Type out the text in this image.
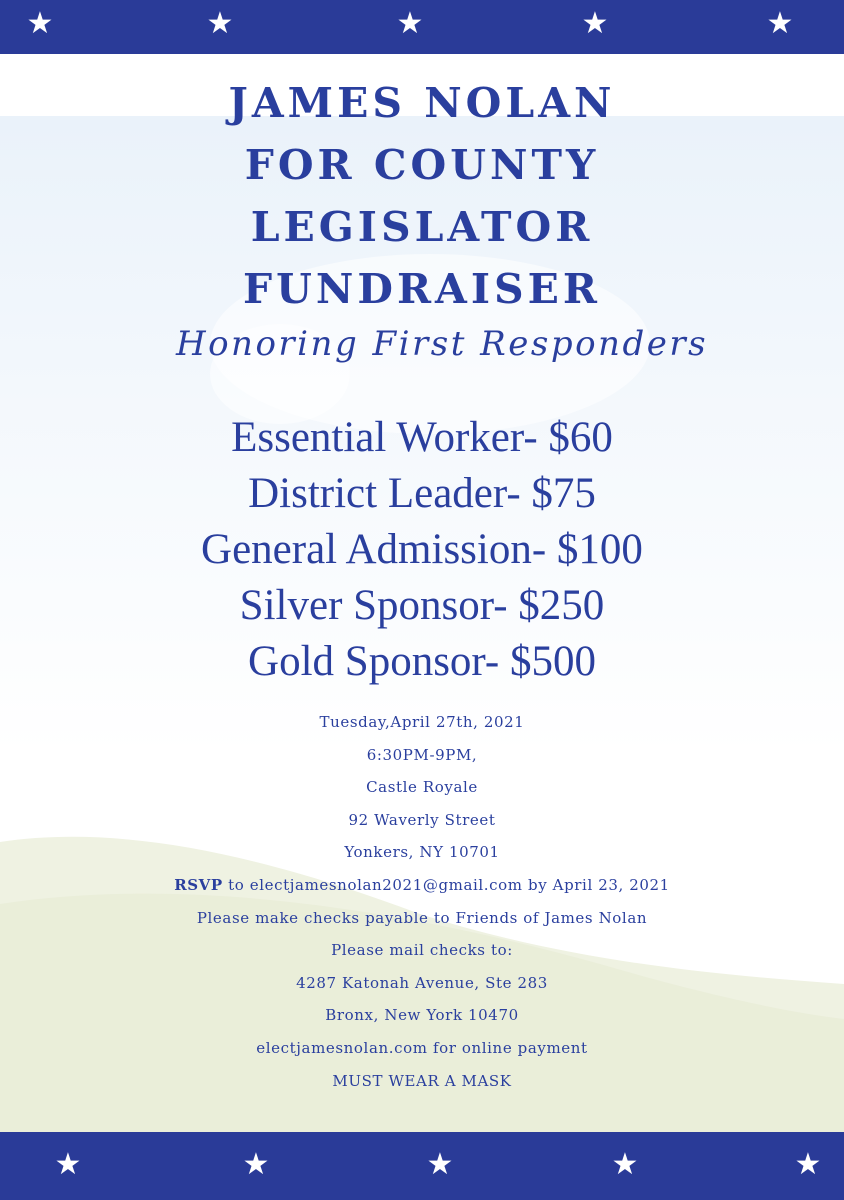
★	★	★	★	★
JAMES NOLAN
FOR COUNTY
LEGISLATOR
FUNDRAISER
Honoring First Responders
Essential Worker- $60
District Leader- $75
General Admission- $100
Silver Sponsor- $250
Gold Sponsor- $500
Tuesday,April 27th, 2021
6:30PM-9PM,
Castle Royale
92 Waverly Street
Yonkers, NY 10701
RSVP to electjamesnolan2021@gmail.com by April 23, 2021
Please make checks payable to Friends of James Nolan
Please mail checks to:
4287 Katonah Avenue, Ste 283
Bronx, New York 10470
electjamesnolan.com for online payment
MUST WEAR A MASK
★	★	★	★	★
